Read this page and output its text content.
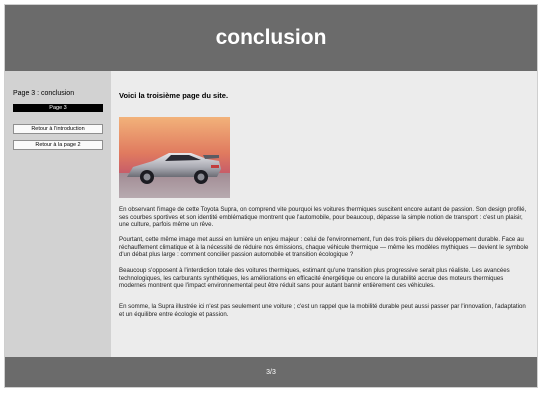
conclusion
Page 3 : conclusion
Page 3
Retour à l'introduction
Retour à la page 2
Voici la troisième page du site.

En observant l'image de cette Toyota Supra, on comprend vite pourquoi les voitures thermiques suscitent encore autant de passion. Son design profilé, ses courbes sportives et son identité emblématique montrent que l'automobile, pour beaucoup, dépasse la simple notion de transport : c'est un plaisir, une culture, parfois même un rêve.

Pourtant, cette même image met aussi en lumière un enjeu majeur : celui de l'environnement, l'un des trois piliers du développement durable. Face au réchauffement climatique et à la nécessité de réduire nos émissions, chaque véhicule thermique — même les modèles mythiques — devient le symbole d'un débat plus large : comment concilier passion automobile et transition écologique ?

Beaucoup s'opposent à l'interdiction totale des voitures thermiques, estimant qu'une transition plus progressive serait plus réaliste. Les avancées technologiques, les carburants synthétiques, les améliorations en efficacité énergétique ou encore la durabilité accrue des moteurs thermiques modernes montrent que l'impact environnemental peut être réduit sans pour autant bannir entièrement ces véhicules.

En somme, la Supra illustrée ici n'est pas seulement une voiture ; c'est un rappel que la mobilité durable peut aussi passer par l'innovation, l'adaptation et un équilibre entre écologie et passion.

3/3
